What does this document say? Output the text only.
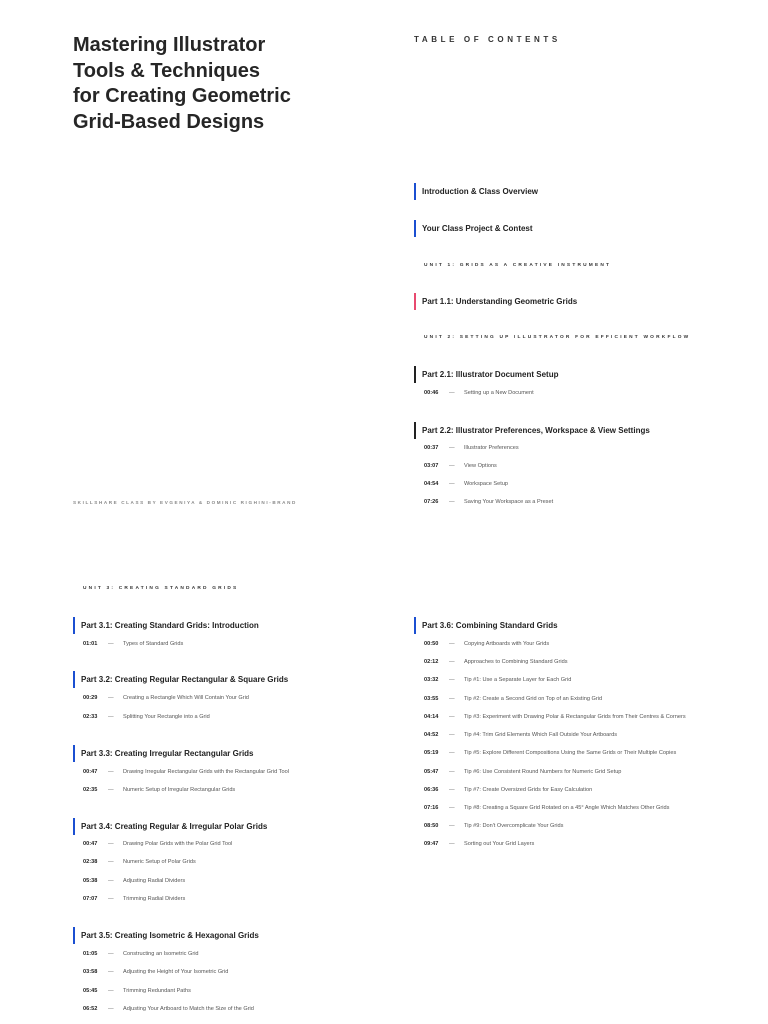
Mastering Illustrator
Tools & Techniques
for Creating Geometric
Grid-Based Designs
TABLE OF CONTENTS
SKILLSHARE CLASS BY EVGENIYA & DOMINIC RIGHINI-BRAND
Introduction & Class Overview
Your Class Project & Contest
UNIT 1: GRIDS AS A CREATIVE INSTRUMENT
Part 1.1: Understanding Geometric Grids
UNIT 2: SETTING UP ILLUSTRATOR FOR EFFICIENT WORKFLOW
Part 2.1: Illustrator Document Setup
00:46 — Setting up a New Document
Part 2.2: Illustrator Preferences, Workspace & View Settings
00:37 — Illustrator Preferences
03:07 — View Options
04:54 — Workspace Setup
07:26 — Saving Your Workspace as a Preset
UNIT 3: CREATING STANDARD GRIDS
Part 3.1: Creating Standard Grids: Introduction
01:01 — Types of Standard Grids
Part 3.2: Creating Regular Rectangular & Square Grids
00:29 — Creating a Rectangle Which Will Contain Your Grid
02:33 — Splitting Your Rectangle into a Grid
Part 3.3: Creating Irregular Rectangular Grids
00:47 — Drawing Irregular Rectangular Grids with the Rectangular Grid Tool
02:35 — Numeric Setup of Irregular Rectangular Grids
Part 3.4: Creating Regular & Irregular Polar Grids
00:47 — Drawing Polar Grids with the Polar Grid Tool
02:38 — Numeric Setup of Polar Grids
05:38 — Adjusting Radial Dividers
07:07 — Trimming Radial Dividers
Part 3.5: Creating Isometric & Hexagonal Grids
01:05 — Constructing an Isometric Grid
03:58 — Adjusting the Height of Your Isometric Grid
05:45 — Trimming Redundant Paths
06:52 — Adjusting Your Artboard to Match the Size of the Grid
Part 3.6: Combining Standard Grids
00:50 — Copying Artboards with Your Grids
02:12 — Approaches to Combining Standard Grids
03:32 — Tip #1: Use a Separate Layer for Each Grid
03:55 — Tip #2: Create a Second Grid on Top of an Existing Grid
04:14 — Tip #3: Experiment with Drawing Polar & Rectangular Grids from Their Centres & Corners
04:52 — Tip #4: Trim Grid Elements Which Fall Outside Your Artboards
05:19 — Tip #5: Explore Different Compositions Using the Same Grids or Their Multiple Copies
05:47 — Tip #6: Use Consistent Round Numbers for Numeric Grid Setup
06:36 — Tip #7: Create Oversized Grids for Easy Calculation
07:16 — Tip #8: Creating a Square Grid Rotated on a 45° Angle Which Matches Other Grids
08:50 — Tip #9: Don't Overcomplicate Your Grids
09:47 — Sorting out Your Grid Layers
